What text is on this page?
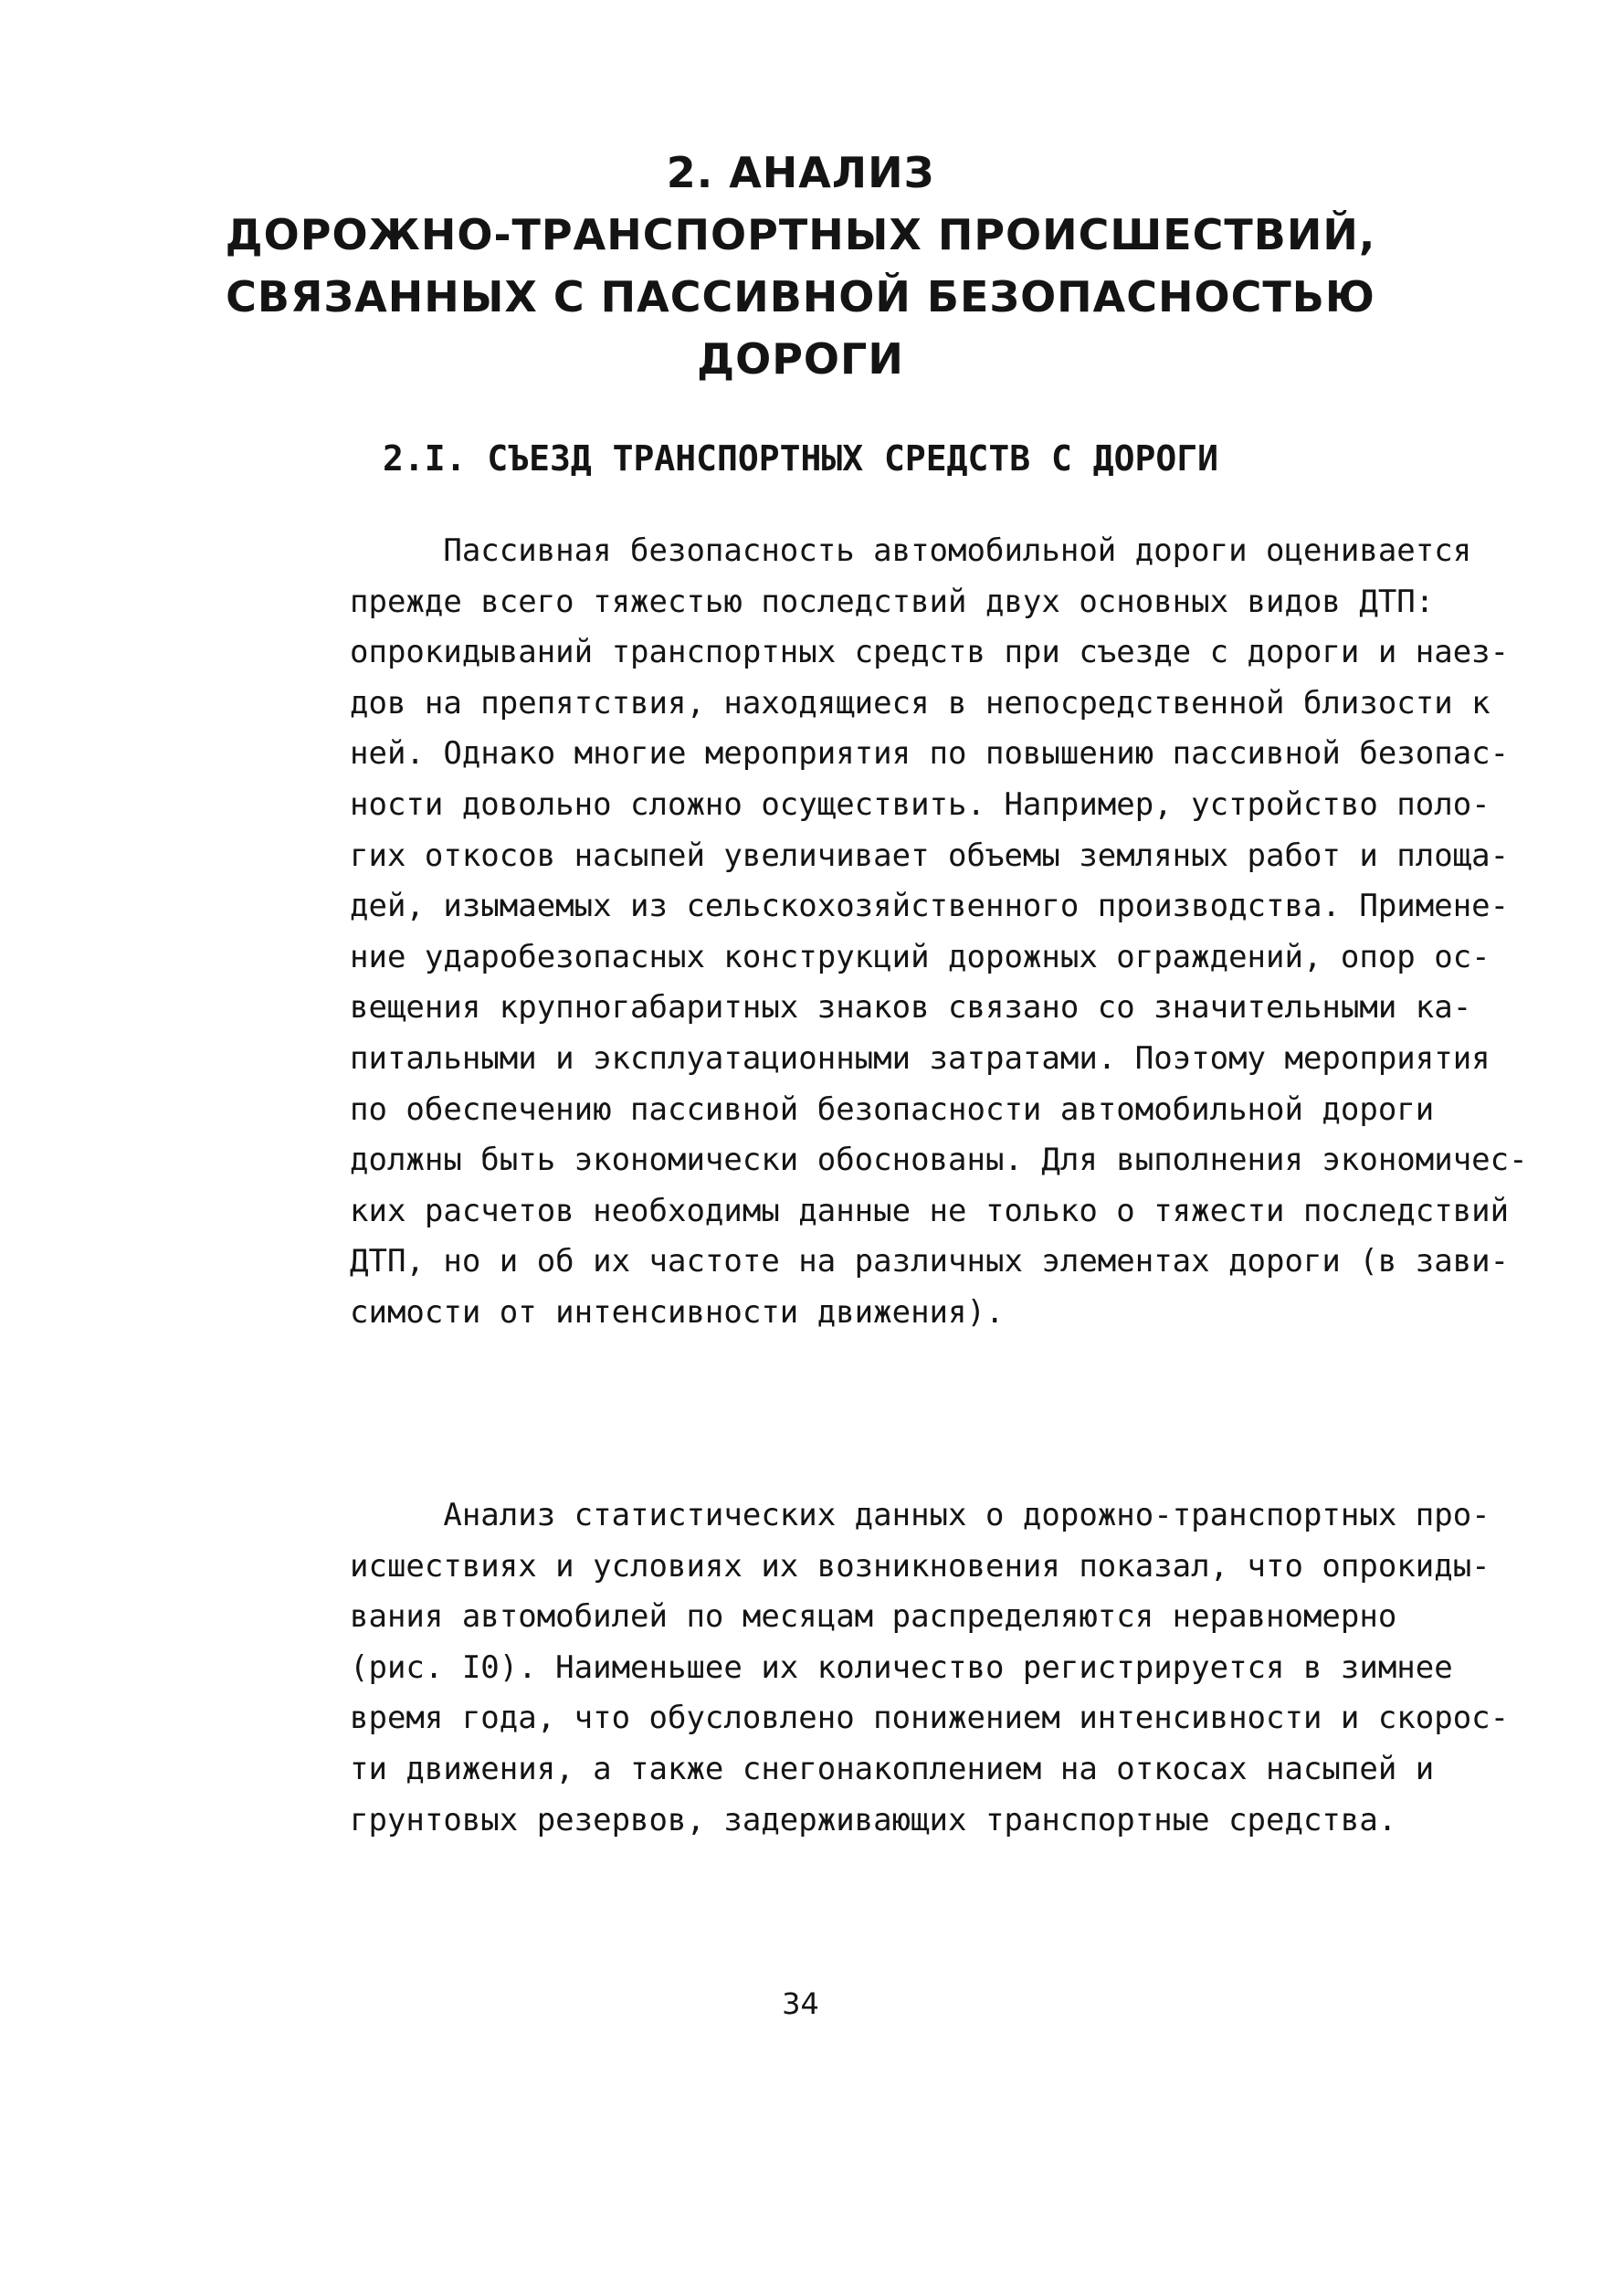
2. АНАЛИЗ
ДОРОЖНО-ТРАНСПОРТНЫХ ПРОИСШЕСТВИЙ,
СВЯЗАННЫХ С ПАССИВНОЙ БЕЗОПАСНОСТЬЮ
ДОРОГИ
2.I. СЪЕЗД ТРАНСПОРТНЫХ СРЕДСТВ С ДОРОГИ
Пассивная безопасность автомобильной дороги оценивается
прежде всего тяжестью последствий двух основных видов ДТП:
опрокидываний транспортных средств при съезде с дороги и наез-
дов на препятствия, находящиеся в непосредственной близости к
ней. Однако многие мероприятия по повышению пассивной безопас-
ности довольно сложно осуществить. Например, устройство поло-
гих откосов насыпей увеличивает объемы земляных работ и площа-
дей, изымаемых из сельскохозяйственного производства. Примене-
ние ударобезопасных конструкций дорожных ограждений, опор ос-
вещения крупногабаритных знаков связано со значительными ка-
питальными и эксплуатационными затратами. Поэтому мероприятия
по обеспечению пассивной безопасности автомобильной дороги
должны быть экономически обоснованы. Для выполнения экономичес-
ких расчетов необходимы данные не только о тяжести последствий
ДТП, но и об их частоте на различных элементах дороги (в зави-
симости от интенсивности движения).
Анализ статистических данных о дорожно-транспортных про-
исшествиях и условиях их возникновения показал, что опрокиды-
вания автомобилей по месяцам распределяются неравномерно
(рис. I0). Наименьшее их количество регистрируется в зимнее
время года, что обусловлено понижением интенсивности и скорос-
ти движения, а также снегонакоплением на откосах насыпей и
грунтовых резервов, задерживающих транспортные средства.
34
